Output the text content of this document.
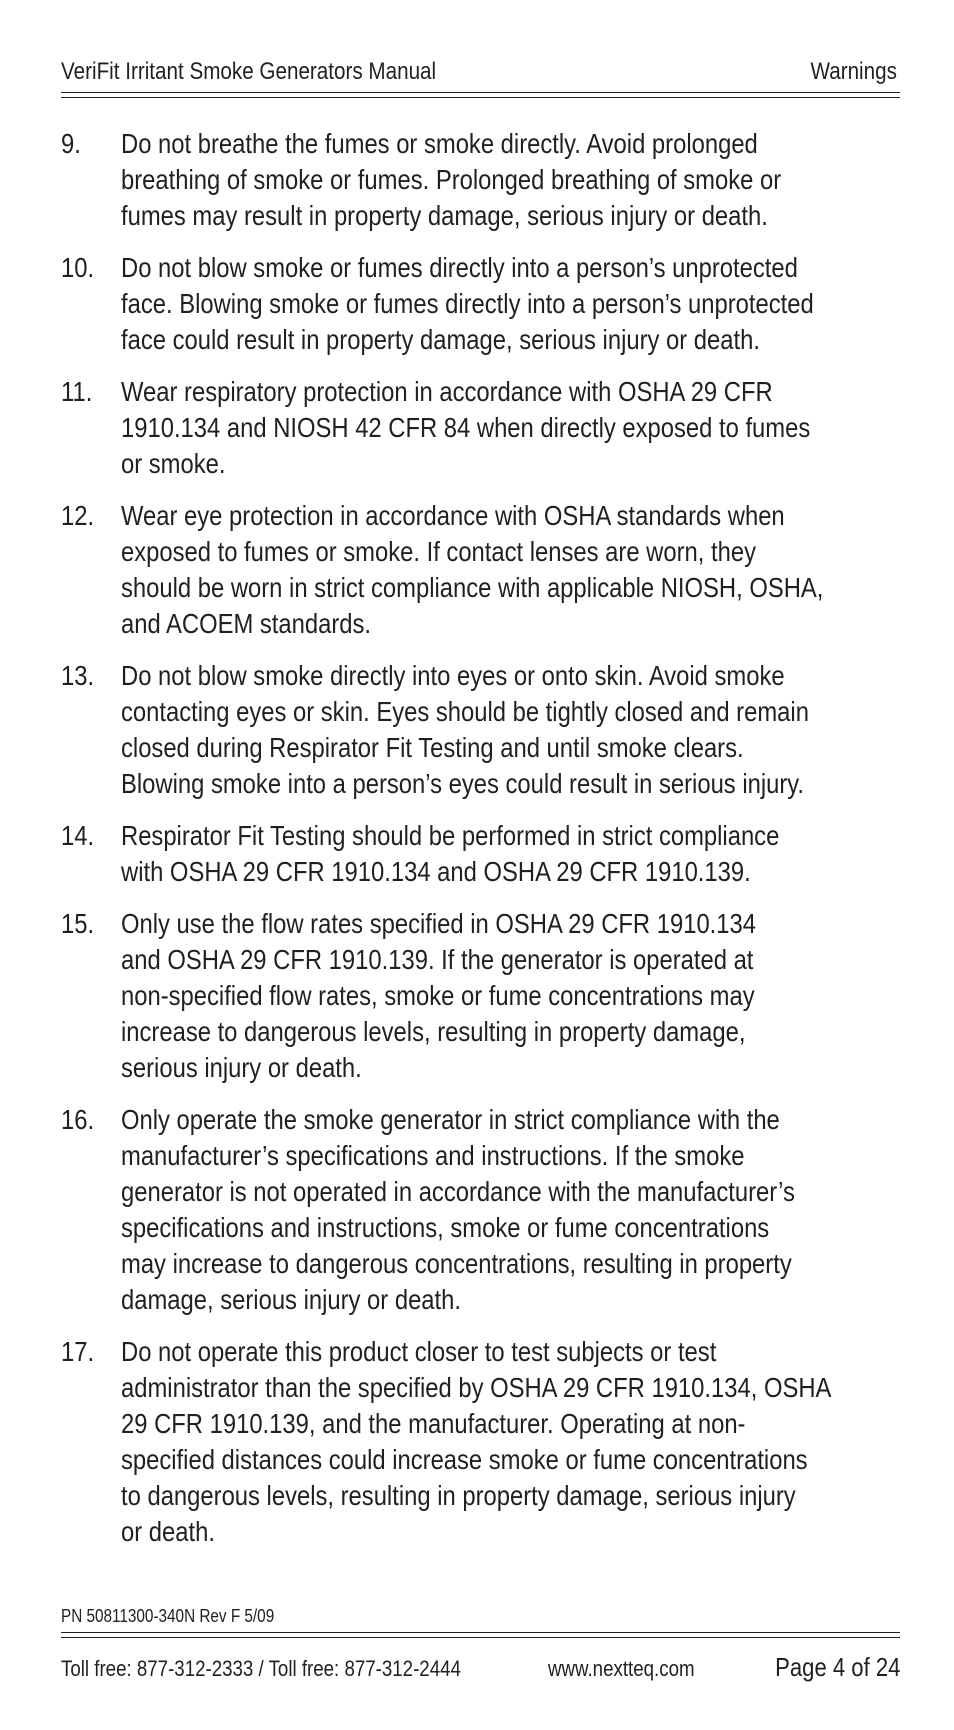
VeriFit Irritant Smoke Generators Manual	Warnings
9.	Do not breathe the fumes or smoke directly. Avoid prolonged
breathing of smoke or fumes. Prolonged breathing of smoke or
fumes may result in property damage, serious injury or death.
10. Do not blow smoke or fumes directly into a person’s unprotected
face. Blowing smoke or fumes directly into a person’s unprotected
face could result in property damage, serious injury or death.
11.	Wear respiratory protection in accordance with OSHA 29 CFR
1910.134 and NIOSH 42 CFR 84 when directly exposed to fumes
or smoke.
12. Wear eye protection in accordance with OSHA standards when
exposed to fumes or smoke. If contact lenses are worn, they
should be worn in strict compliance with applicable NIOSH, OSHA,
and ACOEM standards.
13. Do not blow smoke directly into eyes or onto skin. Avoid smoke
contacting eyes or skin. Eyes should be tightly closed and remain
closed during Respirator Fit Testing and until smoke clears.
Blowing smoke into a person’s eyes could result in serious injury.
14. Respirator Fit Testing should be performed in strict compliance
with OSHA 29 CFR 1910.134 and OSHA 29 CFR 1910.139.
15. Only use the flow rates specified in OSHA 29 CFR 1910.134
and OSHA 29 CFR 1910.139. If the generator is operated at
non-specified flow rates, smoke or fume concentrations may
increase to dangerous levels, resulting in property damage,
serious injury or death.
16. Only operate the smoke generator in strict compliance with the
manufacturer’s specifications and instructions. If the smoke
generator is not operated in accordance with the manufacturer’s
specifications and instructions, smoke or fume concentrations
may increase to dangerous concentrations, resulting in property
damage, serious injury or death.
17. Do not operate this product closer to test subjects or test
administrator than the specified by OSHA 29 CFR 1910.134, OSHA
29 CFR 1910.139, and the manufacturer. Operating at non-
specified distances could increase smoke or fume concentrations
to dangerous levels, resulting in property damage, serious injury
or death.
PN 50811300-340N Rev F 5/09
Toll free: 877-312-2333 / Toll free: 877-312-2444	www.nextteq.com	Page 4 of 24
